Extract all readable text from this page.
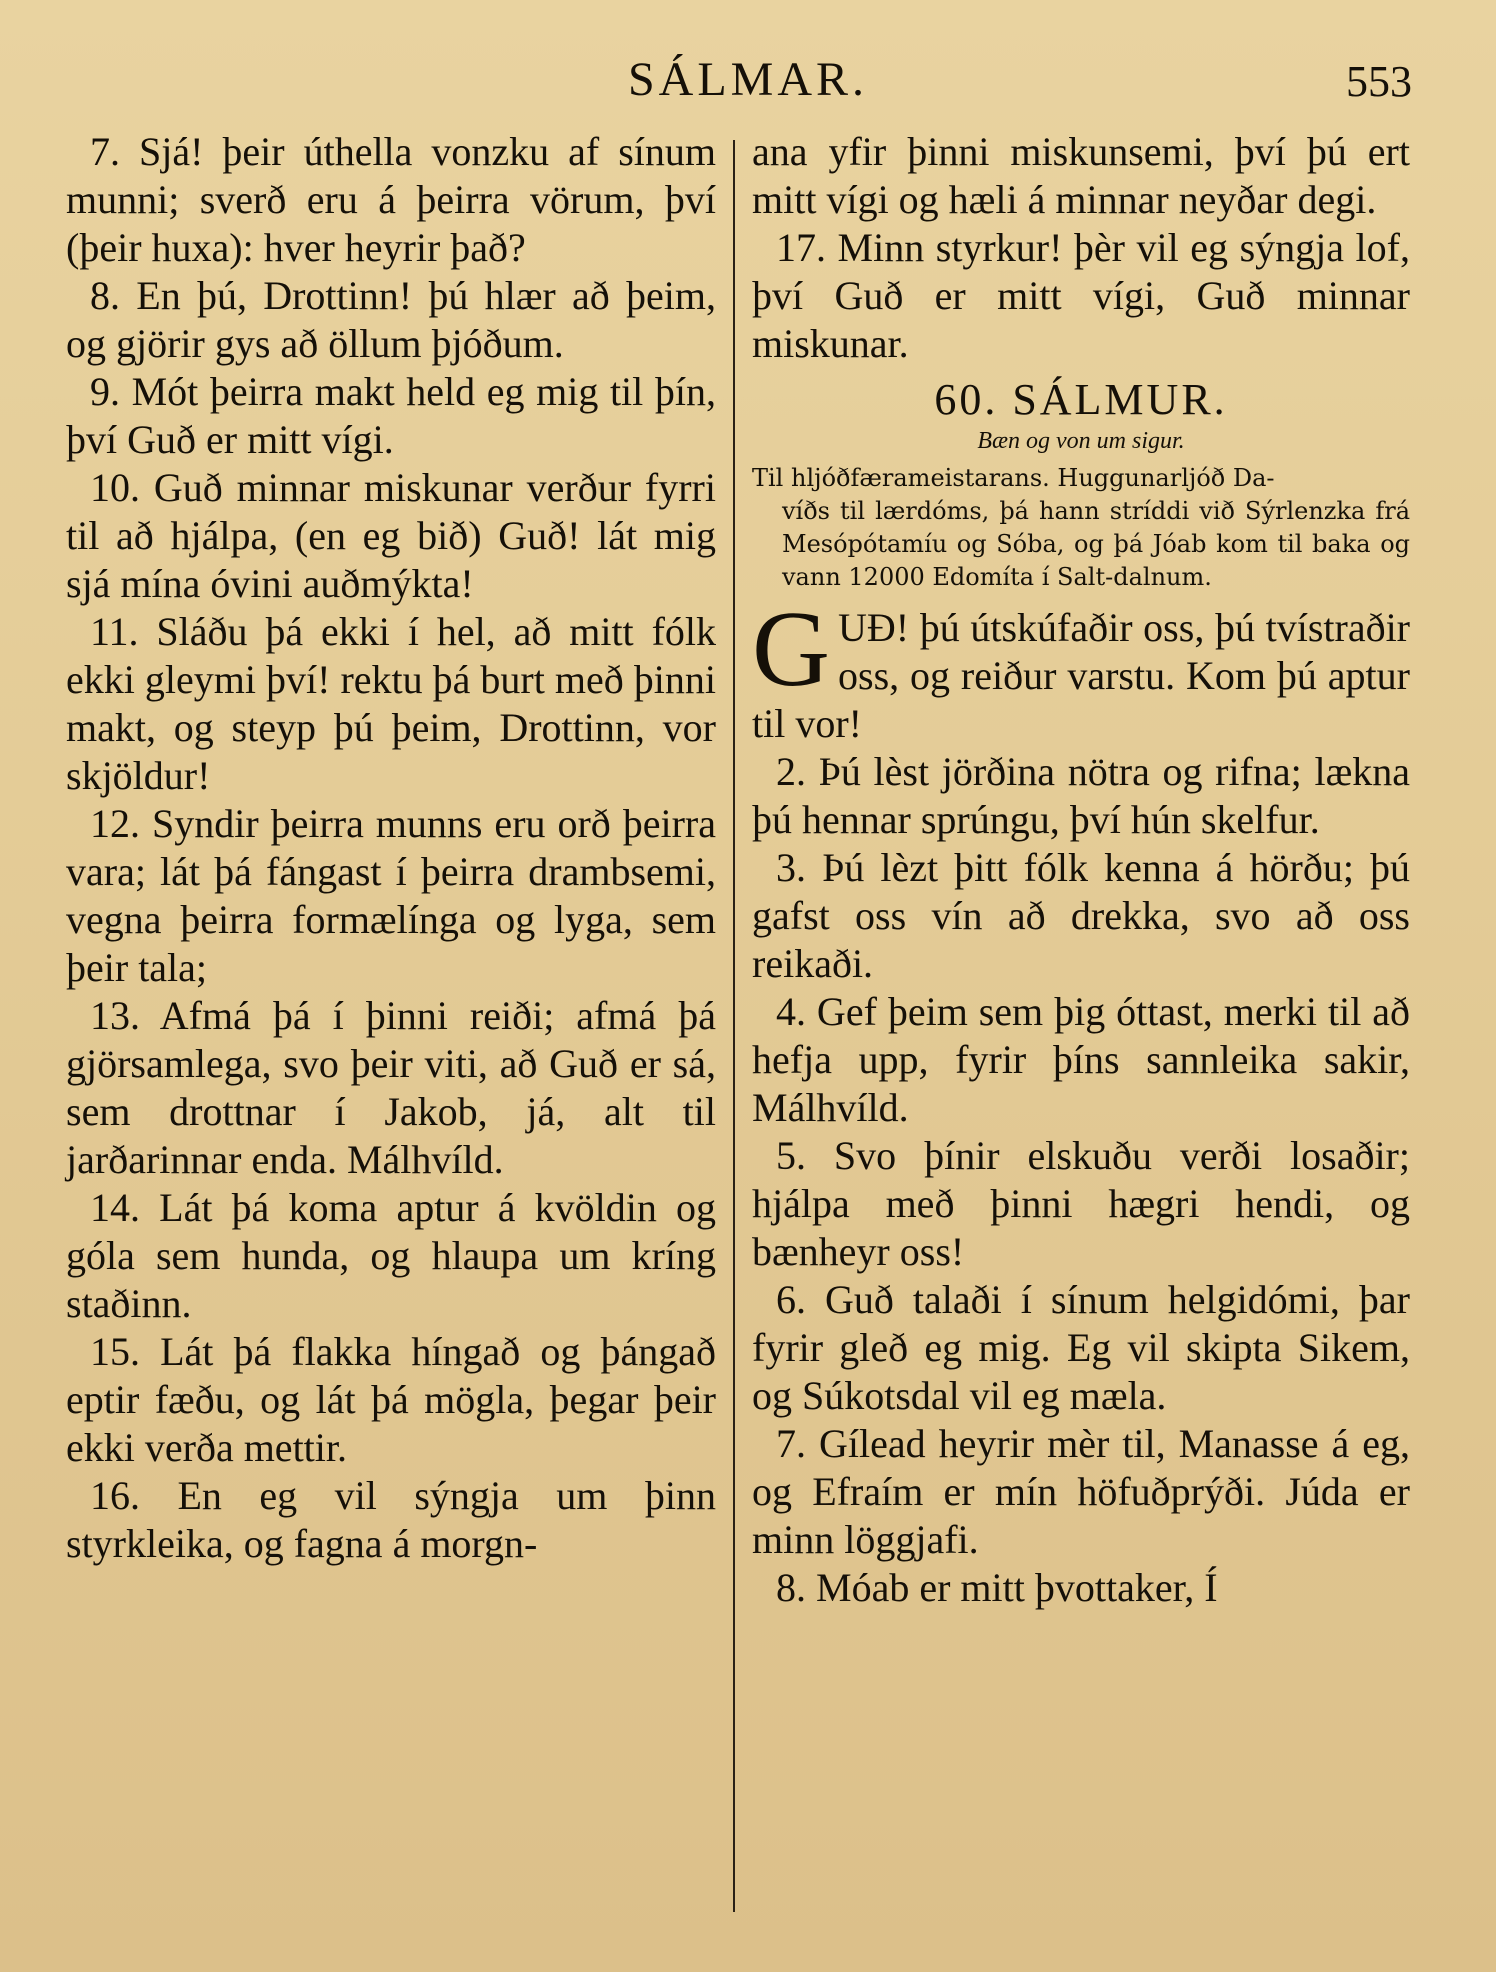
SÁLMAR.	553

7. Sjá! þeir úthella vonzku af sínum munni; sverð eru á þeirra vörum, því (þeir huxa): hver heyrir það?

8. En þú, Drottinn! þú hlær að þeim, og gjörir gys að öllum þjóðum.

9. Mót þeirra makt held eg mig til þín, því Guð er mitt vígi.

10. Guð minnar miskunar verður fyrri til að hjálpa, (en eg bið) Guð! lát mig sjá mína óvini auðmýkta!

11. Sláðu þá ekki í hel, að mitt fólk ekki gleymi því! rektu þá burt með þinni makt, og steyp þú þeim, Drottinn, vor skjöldur!

12. Syndir þeirra munns eru orð þeirra vara; lát þá fángast í þeirra drambsemi, vegna þeirra formælínga og lyga, sem þeir tala;

13. Afmá þá í þinni reiði; afmá þá gjörsamlega, svo þeir viti, að Guð er sá, sem drottnar í Jakob, já, alt til jarðarinnar enda. Málhvíld.

14. Lát þá koma aptur á kvöldin og góla sem hunda, og hlaupa um kríng staðinn.

15. Lát þá flakka híngað og þángað eptir fæðu, og lát þá mögla, þegar þeir ekki verða mettir.

16. En eg vil sýngja um þinn styrkleika, og fagna á morgn-

ana yfir þinni miskunsemi, því þú ert mitt vígi og hæli á minnar neyðar degi.

17. Minn styrkur! þèr vil eg sýngja lof, því Guð er mitt vígi, Guð minnar miskunar.

60. SÁLMUR.
Bæn og von um sigur.
Til hljóðfærameistarans. Huggunarljóð Da-
víðs til lærdóms, þá hann stríddi við Sýrlenzka frá Mesópótamíu og Sóba, og þá Jóab kom til baka og vann 12000 Edomíta í Salt-dalnum.
G UÐ! þú útskúfaðir oss, þú tvístraðir oss, og reiður varstu. Kom þú aptur til vor!

2. Þú lèst jörðina nötra og rifna; lækna þú hennar sprúngu, því hún skelfur.

3. Þú lèzt þitt fólk kenna á hörðu; þú gafst oss vín að drekka, svo að oss reikaði.

4. Gef þeim sem þig óttast, merki til að hefja upp, fyrir þíns sannleika sakir, Málhvíld.

5. Svo þínir elskuðu verði losaðir; hjálpa með þinni hægri hendi, og bænheyr oss!

6. Guð talaði í sínum helgidómi, þar fyrir gleð eg mig. Eg vil skipta Sikem, og Súkotsdal vil eg mæla.

7. Gílead heyrir mèr til, Manasse á eg, og Efraím er mín höfuðprýði. Júda er minn löggjafi.

8. Móab er mitt þvottaker, Í
